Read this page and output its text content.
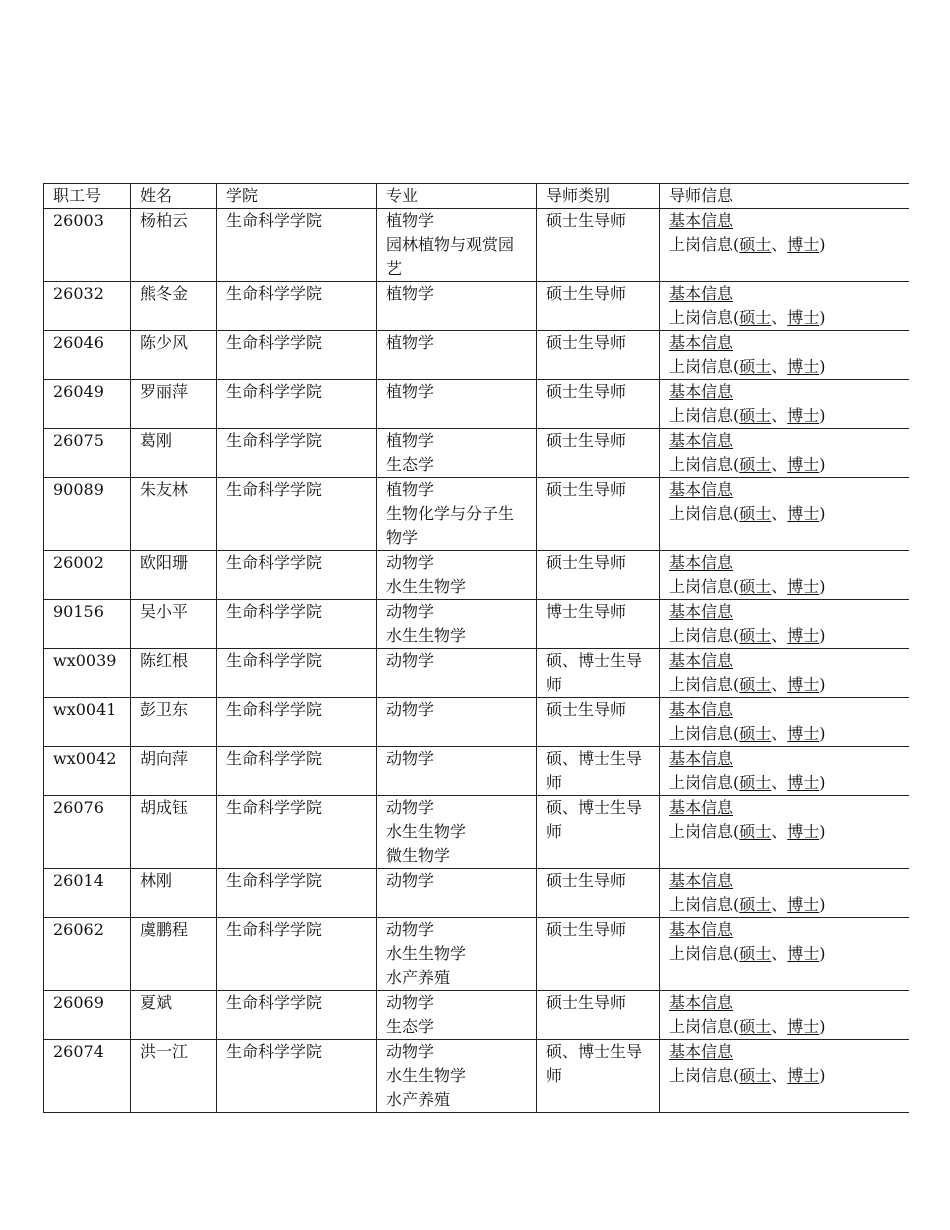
职工号	姓名	学院	专业	导师类别	导师信息
26003	杨柏云	生命科学学院	植物学
园林植物与观赏园艺	硕士生导师	基本信息
上岗信息(硕士、博士)

26032	熊冬金	生命科学学院	植物学	硕士生导师	基本信息
上岗信息(硕士、博士)

26046	陈少风	生命科学学院	植物学	硕士生导师	基本信息
上岗信息(硕士、博士)

26049	罗丽萍	生命科学学院	植物学	硕士生导师	基本信息
上岗信息(硕士、博士)

26075	葛刚	生命科学学院	植物学
生态学	硕士生导师	基本信息
上岗信息(硕士、博士)

90089	朱友林	生命科学学院	植物学
生物化学与分子生物学	硕士生导师	基本信息
上岗信息(硕士、博士)

26002	欧阳珊	生命科学学院	动物学
水生生物学	硕士生导师	基本信息
上岗信息(硕士、博士)

90156	吴小平	生命科学学院	动物学
水生生物学	博士生导师	基本信息
上岗信息(硕士、博士)

wx0039	陈红根	生命科学学院	动物学	硕、博士生导师	基本信息
上岗信息(硕士、博士)

wx0041	彭卫东	生命科学学院	动物学	硕士生导师	基本信息
上岗信息(硕士、博士)

wx0042	胡向萍	生命科学学院	动物学	硕、博士生导师	基本信息
上岗信息(硕士、博士)

26076	胡成钰	生命科学学院	动物学
水生生物学
微生物学	硕、博士生导师	基本信息
上岗信息(硕士、博士)

26014	林刚	生命科学学院	动物学	硕士生导师	基本信息
上岗信息(硕士、博士)

26062	虞鹏程	生命科学学院	动物学
水生生物学
水产养殖	硕士生导师	基本信息
上岗信息(硕士、博士)

26069	夏斌	生命科学学院	动物学
生态学	硕士生导师	基本信息
上岗信息(硕士、博士)

26074	洪一江	生命科学学院	动物学
水生生物学
水产养殖	硕、博士生导师	基本信息
上岗信息(硕士、博士)
